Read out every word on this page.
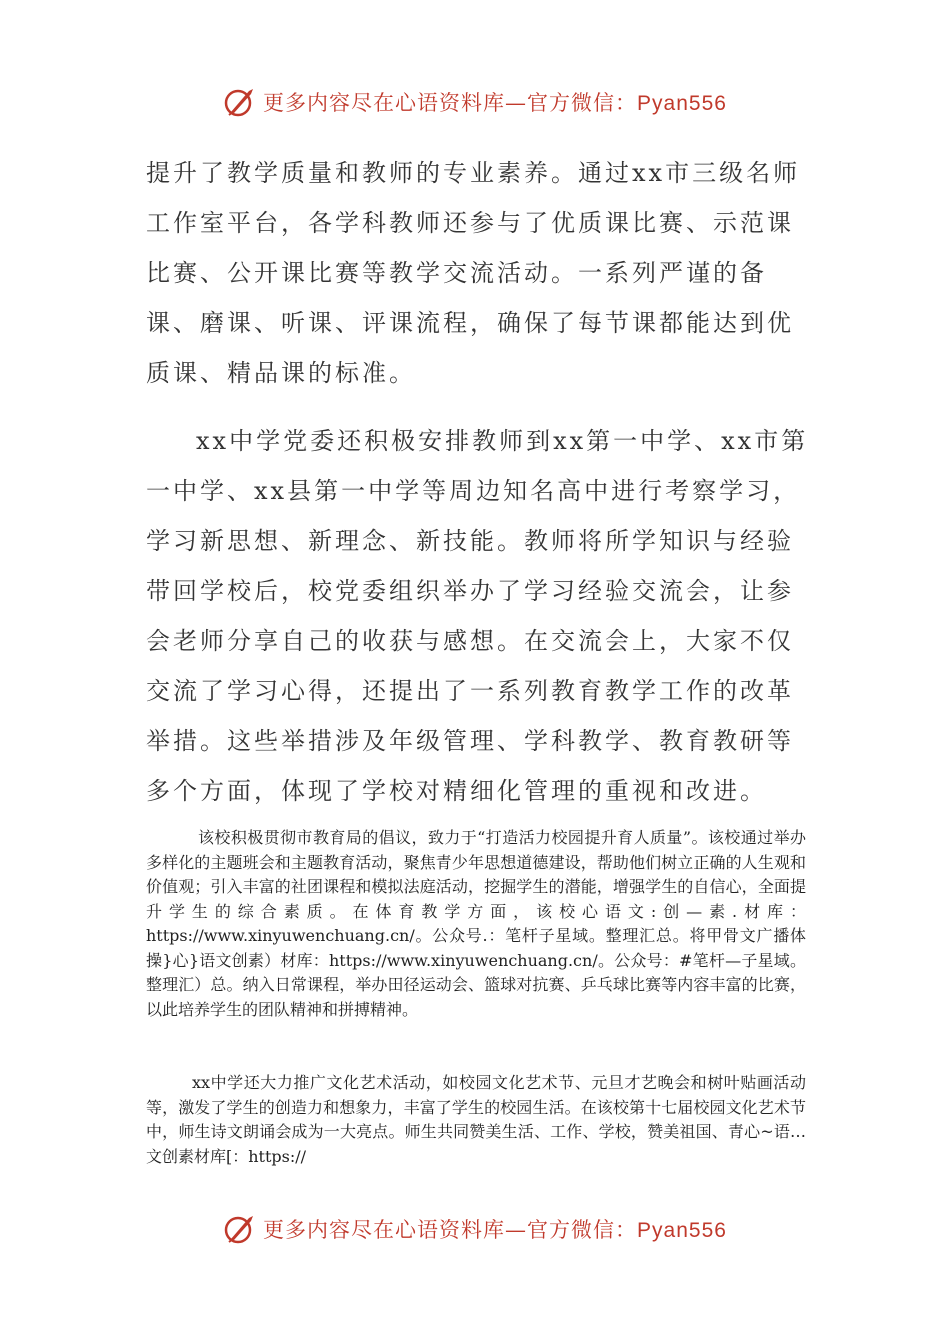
更多内容尽在心语资料库—官方微信：Pyan556

提升了教学质量和教师的专业素养。通过xx市三级名师工作室平台，各学科教师还参与了优质课比赛、示范课比赛、公开课比赛等教学交流活动。一系列严谨的备课、磨课、听课、评课流程，确保了每节课都能达到优质课、精品课的标准。

xx中学党委还积极安排教师到xx第一中学、xx市第一中学、xx县第一中学等周边知名高中进行考察学习，学习新思想、新理念、新技能。教师将所学知识与经验带回学校后，校党委组织举办了学习经验交流会，让参会老师分享自己的收获与感想。在交流会上，大家不仅交流了学习心得，还提出了一系列教育教学工作的改革举措。这些举措涉及年级管理、学科教学、教育教研等多个方面，体现了学校对精细化管理的重视和改进。

该校积极贯彻市教育局的倡议，致力于“打造活力校园提升育人质量”。该校通过举办多样化的主题班会和主题教育活动，聚焦青少年思想道德建设，帮助他们树立正确的人生观和价值观；引入丰富的社团课程和模拟法庭活动，挖掘学生的潜能，增强学生的自信心，全面提升学生的综合素质。在体育教学方面，该校心语文:创—素.材库：https://www.xinyuwenchuang.cn/。公众号.：笔杆子星域。整理汇总。将甲骨文广播体操}心}语文创素）材库：https://www.xinyuwenchuang.cn/。公众号：#笔杆—子星域。整理汇）总。纳入日常课程，举办田径运动会、篮球对抗赛、乒乓球比赛等内容丰富的比赛，以此培养学生的团队精神和拼搏精神。

xx中学还大力推广文化艺术活动，如校园文化艺术节、元旦才艺晚会和树叶贴画活动等，激发了学生的创造力和想象力，丰富了学生的校园生活。在该校第十七届校园文化艺术节中，师生诗文朗诵会成为一大亮点。师生共同赞美生活、工作、学校，赞美祖国、青心~语…文创素材库[：https://

更多内容尽在心语资料库—官方微信：Pyan556
